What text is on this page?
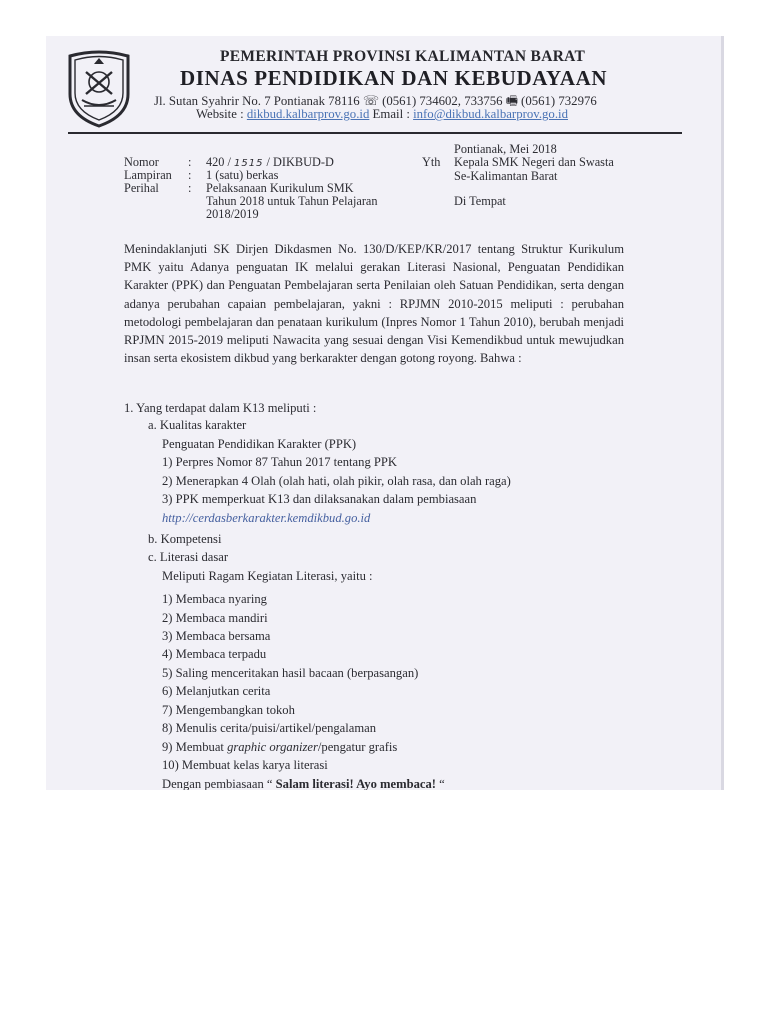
PEMERINTAH PROVINSI KALIMANTAN BARAT
DINAS PENDIDIKAN DAN KEBUDAYAAN
Jl. Sutan Syahrir No. 7 Pontianak 78116 ☏ (0561) 734602, 733756 🖷 (0561) 732976
Website : dikbud.kalbarprov.go.id Email : info@dikbud.kalbarprov.go.id
Nomor : 420 / 1515 / DIKBUD-D
Lampiran : 1 (satu) berkas
Perihal : Pelaksanaan Kurikulum SMK
Tahun 2018 untuk Tahun Pelajaran
2018/2019
Pontianak, Mei 2018
Yth Kepala SMK Negeri dan Swasta
Se-Kalimantan Barat
Di Tempat
Menindaklanjuti SK Dirjen Dikdasmen No. 130/D/KEP/KR/2017 tentang Struktur Kurikulum PMK yaitu Adanya penguatan IK melalui gerakan Literasi Nasional, Penguatan Pendidikan Karakter (PPK) dan Penguatan Pembelajaran serta Penilaian oleh Satuan Pendidikan, serta dengan adanya perubahan capaian pembelajaran, yakni : RPJMN 2010-2015 meliputi : perubahan metodologi pembelajaran dan penataan kurikulum (Inpres Nomor 1 Tahun 2010), berubah menjadi RPJMN 2015-2019 meliputi Nawacita yang sesuai dengan Visi Kemendikbud untuk mewujudkan insan serta ekosistem dikbud yang berkarakter dengan gotong royong. Bahwa :
1. Yang terdapat dalam K13 meliputi :
a. Kualitas karakter
Penguatan Pendidikan Karakter (PPK)
1) Perpres Nomor 87 Tahun 2017 tentang PPK
2) Menerapkan 4 Olah (olah hati, olah pikir, olah rasa, dan olah raga)
3) PPK memperkuat K13 dan dilaksanakan dalam pembiasaan
http://cerdasberkarakter.kemdikbud.go.id
b. Kompetensi
c. Literasi dasar
Meliputi Ragam Kegiatan Literasi, yaitu :
1) Membaca nyaring
2) Membaca mandiri
3) Membaca bersama
4) Membaca terpadu
5) Saling menceritakan hasil bacaan (berpasangan)
6) Melanjutkan cerita
7) Mengembangkan tokoh
8) Menulis cerita/puisi/artikel/pengalaman
9) Membuat graphic organizer/pengatur grafis
10) Membuat kelas karya literasi
Dengan pembiasaan “ Salam literasi! Ayo membaca! “
